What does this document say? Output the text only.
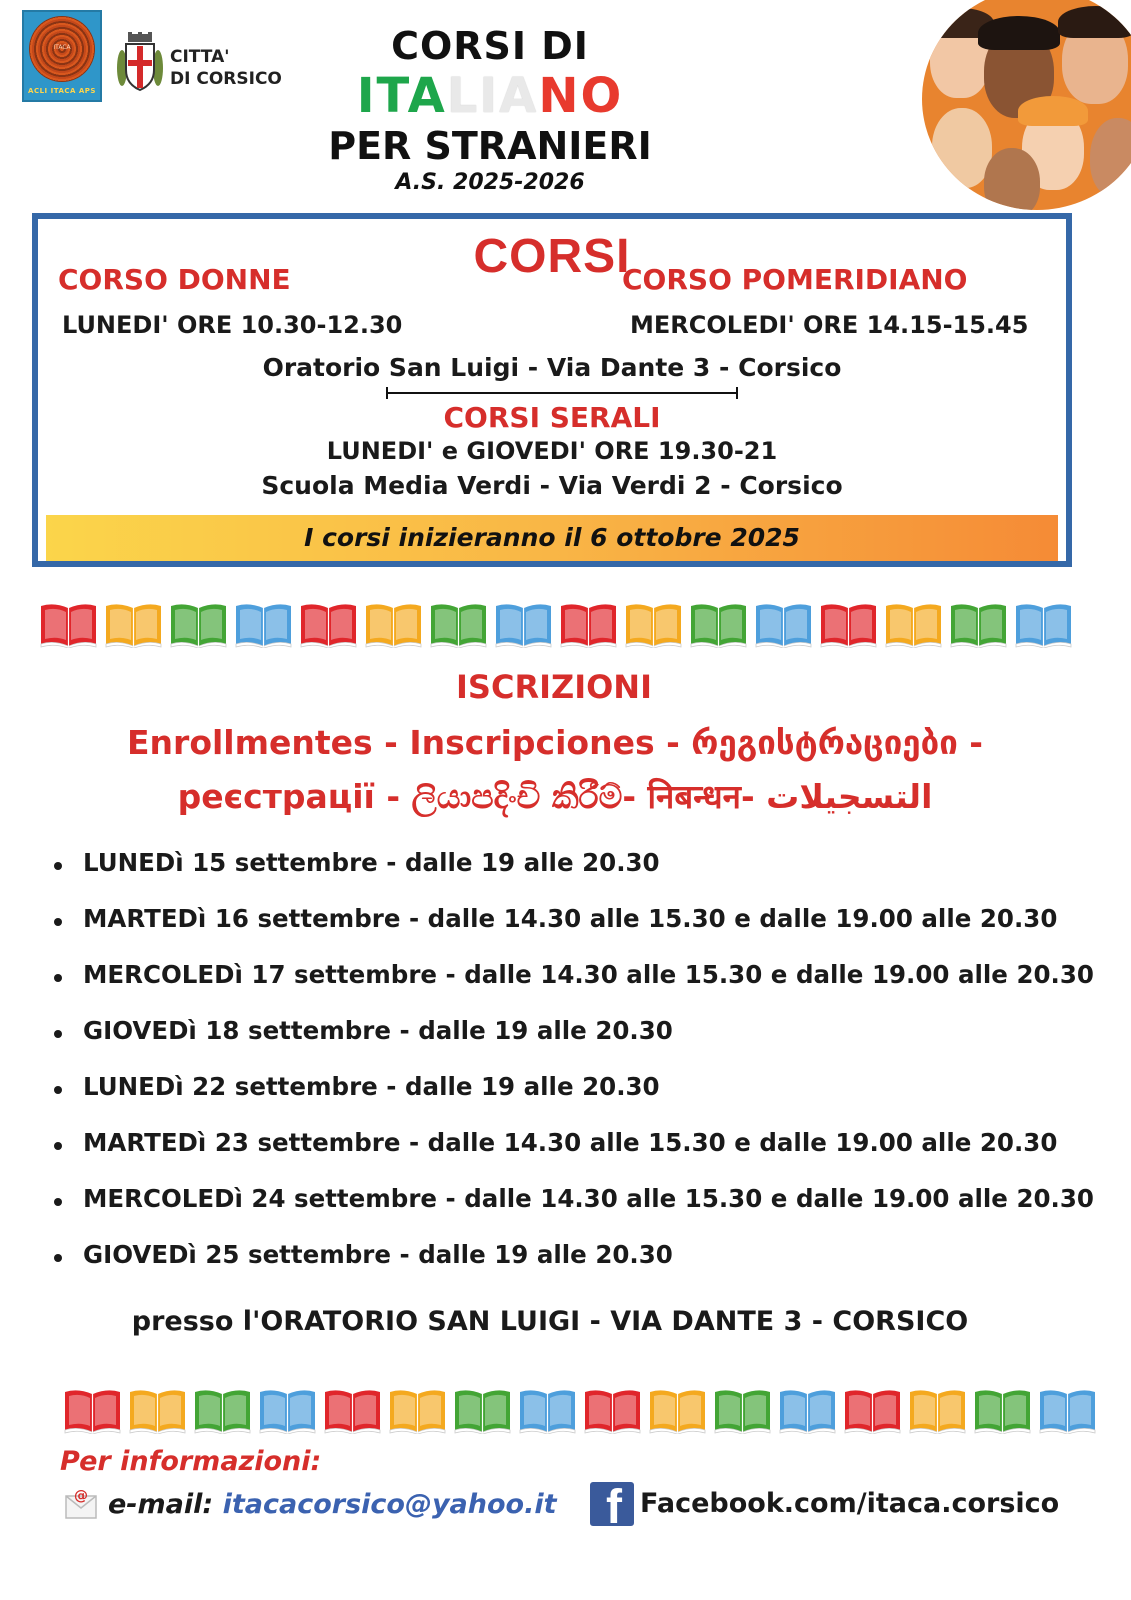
ITACA
ACLI ITACA APS
CITTA'
DI CORSICO
CORSI DI
ITALIANO
PER STRANIERI
A.S. 2025-2026
CORSI
CORSO DONNE
LUNEDI' ORE 10.30-12.30
CORSO POMERIDIANO
MERCOLEDI' ORE 14.15-15.45
Oratorio San Luigi - Via Dante 3 - Corsico
CORSI SERALI
LUNEDI' e GIOVEDI' ORE 19.30-21
Scuola Media Verdi - Via Verdi 2 - Corsico
I corsi inizieranno il 6 ottobre 2025
ISCRIZIONI
Enrollmentes - Inscripciones - რეგისტრაციები -
реєстрації - ලියාපදිංචි කිරීම්- निबन्धन- التسجيلات
LUNEDì 15 settembre - dalle 19 alle 20.30
MARTEDì 16 settembre - dalle 14.30 alle 15.30 e dalle 19.00 alle 20.30
MERCOLEDì 17 settembre - dalle 14.30 alle 15.30 e dalle 19.00 alle 20.30
GIOVEDì 18 settembre - dalle 19 alle 20.30
LUNEDì 22 settembre - dalle 19 alle 20.30
MARTEDì 23 settembre - dalle 14.30 alle 15.30 e dalle 19.00 alle 20.30
MERCOLEDì 24 settembre - dalle 14.30 alle 15.30 e dalle 19.00 alle 20.30
GIOVEDì 25 settembre - dalle 19 alle 20.30
presso l'ORATORIO SAN LUIGI - VIA DANTE 3 - CORSICO
Per informazioni:
@ e-mail: itacacorsico@yahoo.it f Facebook.com/itaca.corsico
